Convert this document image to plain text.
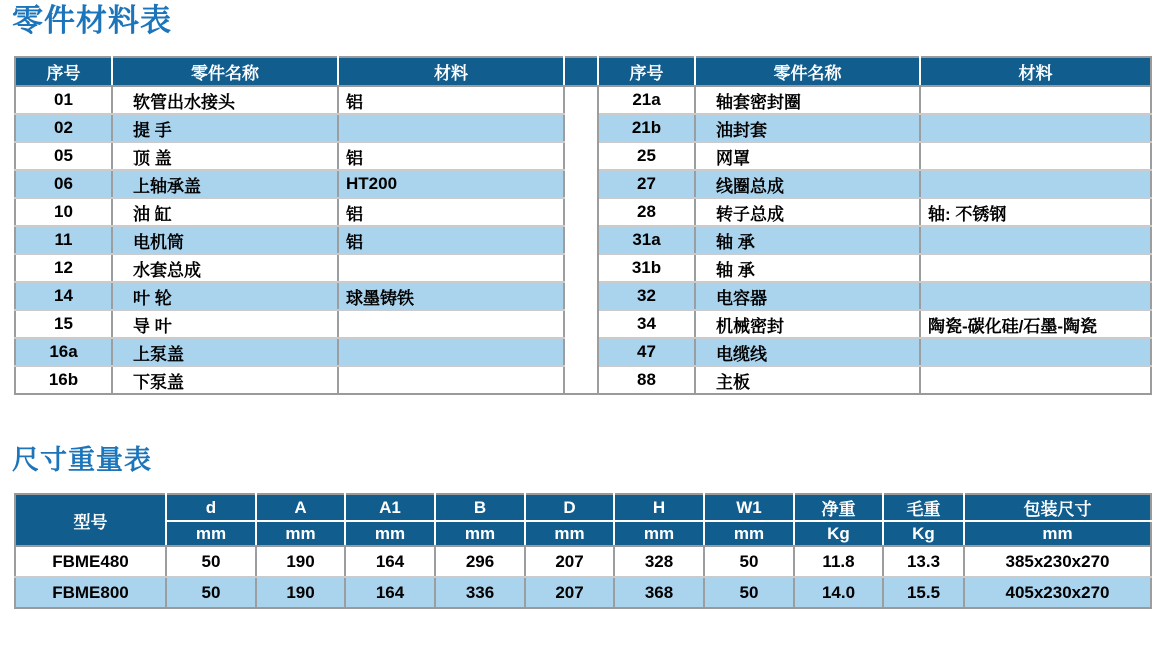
零件材料表
序号	零件名称	材料		序号	零件名称	材料
01	软管出水接头	铝		21a	轴套密封圈	
02	提 手			21b	油封套	
05	顶 盖	铝		25	网罩	
06	上轴承盖	HT200		27	线圈总成	
10	油 缸	铝		28	转子总成	轴: 不锈钢
11	电机筒	铝		31a	轴 承	
12	水套总成			31b	轴 承	
14	叶 轮	球墨铸铁		32	电容器	
15	导 叶			34	机械密封	陶瓷-碳化硅/石墨-陶瓷
16a	上泵盖			47	电缆线	
16b	下泵盖			88	主板	
尺寸重量表
型号	d	A	A1	B	D	H	W1	净重	毛重	包装尺寸
	mm	mm	mm	mm	mm	mm	mm	Kg	Kg	mm
FBME480	50	190	164	296	207	328	50	11.8	13.3	385x230x270
FBME800	50	190	164	336	207	368	50	14.0	15.5	405x230x270
